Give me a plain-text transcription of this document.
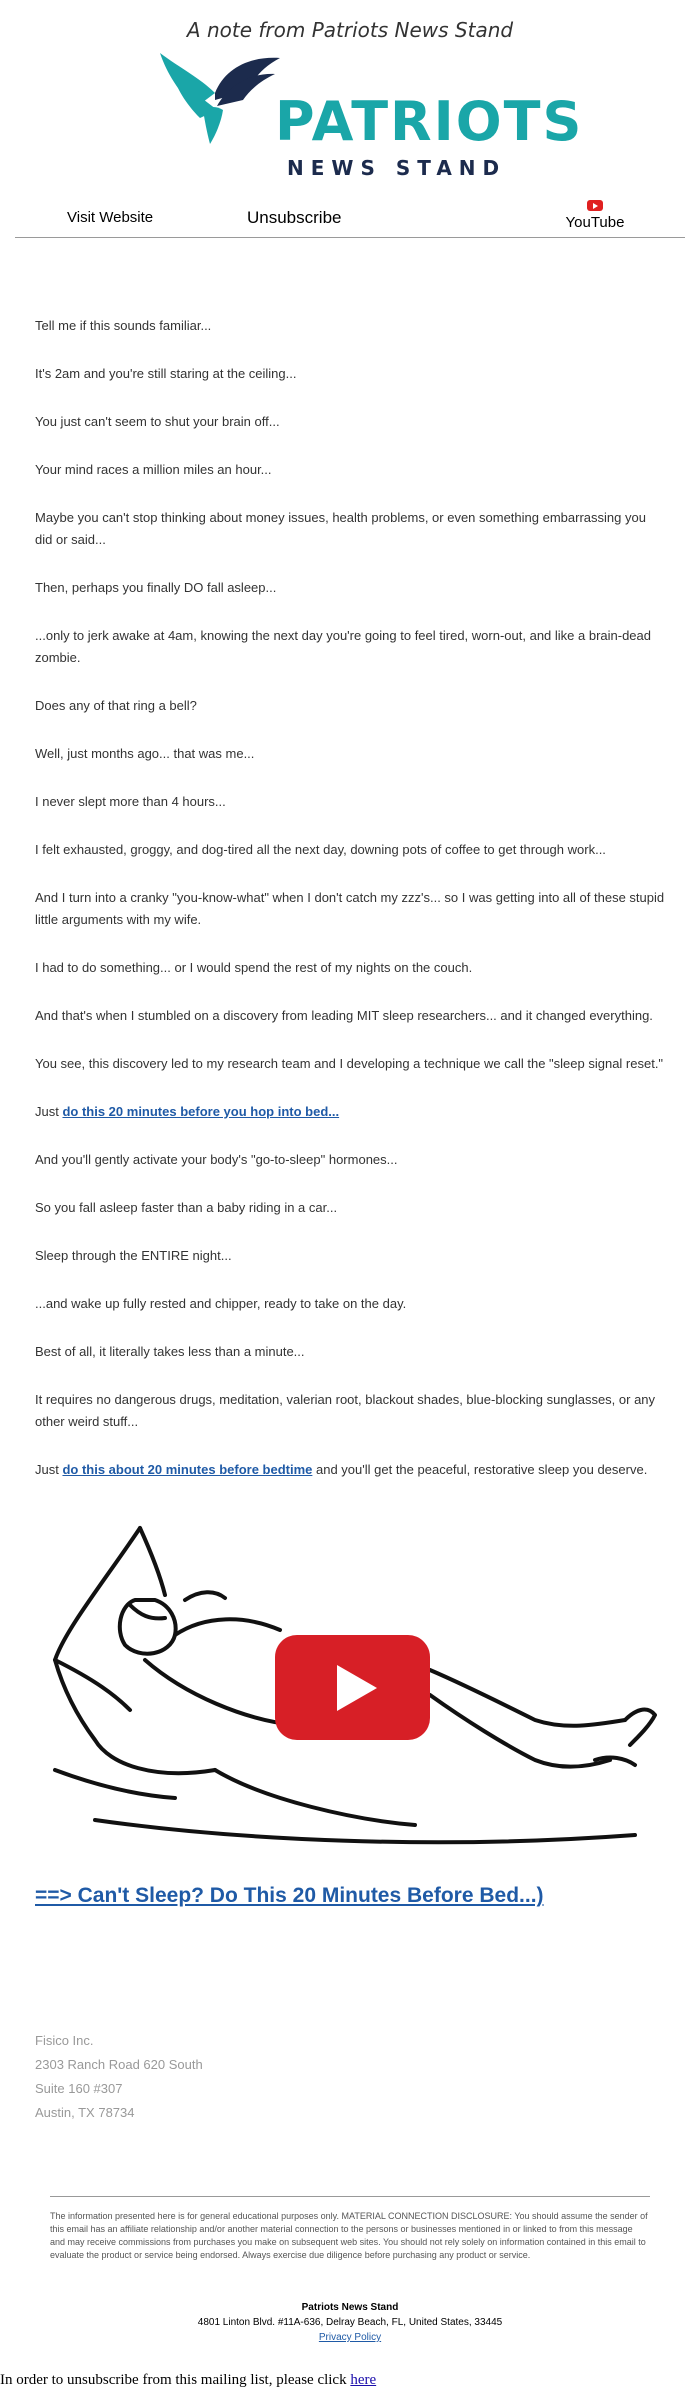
A note from Patriots News Stand
PATRIOTS
NEWS STAND
Visit Website	Unsubscribe	YouTube

Tell me if this sounds familiar...

It's 2am and you're still staring at the ceiling...

You just can't seem to shut your brain off...

Your mind races a million miles an hour...

Maybe you can't stop thinking about money issues, health problems, or even something embarrassing you did or said...

Then, perhaps you finally DO fall asleep...

...only to jerk awake at 4am, knowing the next day you're going to feel tired, worn-out, and like a brain-dead zombie.

Does any of that ring a bell?

Well, just months ago... that was me...

I never slept more than 4 hours...

I felt exhausted, groggy, and dog-tired all the next day, downing pots of coffee to get through work...

And I turn into a cranky "you-know-what" when I don't catch my zzz's... so I was getting into all of these stupid little arguments with my wife.

I had to do something... or I would spend the rest of my nights on the couch.

And that's when I stumbled on a discovery from leading MIT sleep researchers... and it changed everything.

You see, this discovery led to my research team and I developing a technique we call the "sleep signal reset."

Just do this 20 minutes before you hop into bed...

And you'll gently activate your body's "go-to-sleep" hormones...

So you fall asleep faster than a baby riding in a car...

Sleep through the ENTIRE night...

...and wake up fully rested and chipper, ready to take on the day.

Best of all, it literally takes less than a minute...

It requires no dangerous drugs, meditation, valerian root, blackout shades, blue-blocking sunglasses, or any other weird stuff...

Just do this about 20 minutes before bedtime and you'll get the peaceful, restorative sleep you deserve.

==> Can't Sleep? Do This 20 Minutes Before Bed...)
Fisico Inc.
2303 Ranch Road 620 South
Suite 160 #307
Austin, TX 78734
The information presented here is for general educational purposes only. MATERIAL CONNECTION DISCLOSURE: You should assume the sender of this email has an affiliate relationship and/or another material connection to the persons or businesses mentioned in or linked to from this message and may receive commissions from purchases you make on subsequent web sites. You should not rely solely on information contained in this email to evaluate the product or service being endorsed. Always exercise due diligence before purchasing any product or service.
Patriots News Stand
4801 Linton Blvd. #11A-636, Delray Beach, FL, United States, 33445
Privacy Policy
In order to unsubscribe from this mailing list, please click here
